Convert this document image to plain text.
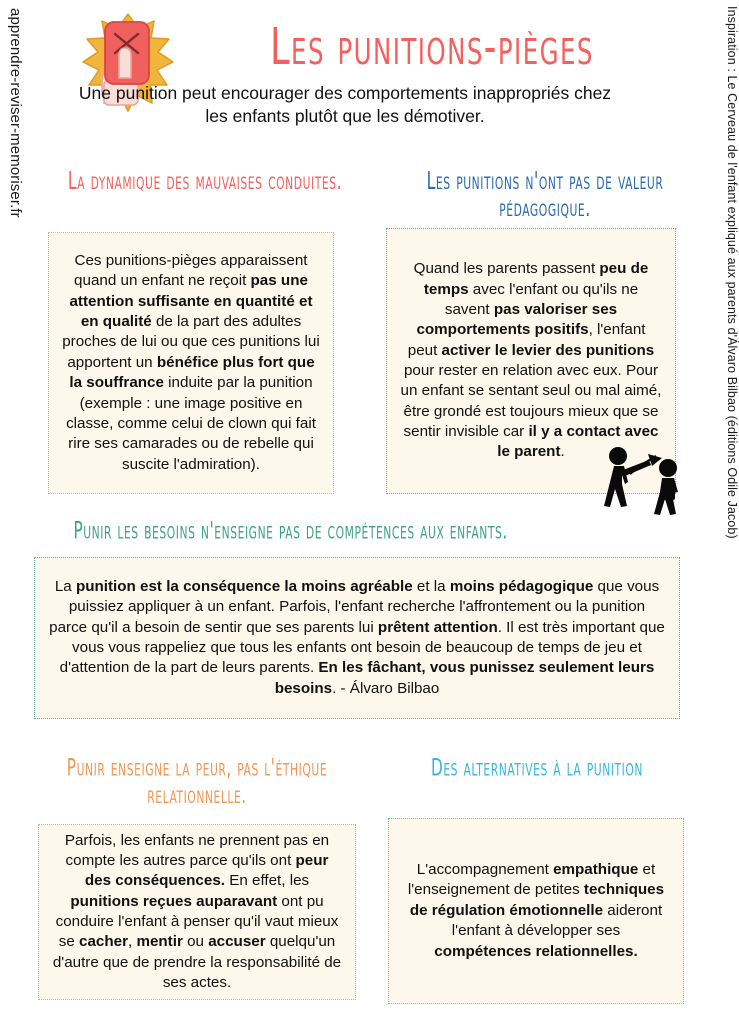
apprendre-reviser-memoriser.fr	Inspiration : Le Cerveau de l'enfant expliqué aux parents d'Álvaro Bilbao (éditions Odile Jacob)
Les punitions-pièges
Une punition peut encourager des comportements inappropriés chez les enfants plutôt que les démotiver.
La dynamique des mauvaises conduites.	Les punitions n'ont pas de valeur pédagogique.
Punir les besoins n'enseigne pas de compétences aux enfants.
Punir enseigne la peur, pas l'éthique relationnelle.
Des alternatives à la punition
Ces punitions-pièges apparaissent quand un enfant ne reçoit pas une attention suffisante en quantité et en qualité de la part des adultes proches de lui ou que ces punitions lui apportent un bénéfice plus fort que la souffrance induite par la punition (exemple : une image positive en classe, comme celui de clown qui fait rire ses camarades ou de rebelle qui suscite l'admiration).
Quand les parents passent peu de temps avec l'enfant ou qu'ils ne savent pas valoriser ses comportements positifs, l'enfant peut activer le levier des punitions pour rester en relation avec eux. Pour un enfant se sentant seul ou mal aimé, être grondé est toujours mieux que se sentir invisible car il y a contact avec le parent.
La punition est la conséquence la moins agréable et la moins pédagogique que vous puissiez appliquer à un enfant. Parfois, l'enfant recherche l'affrontement ou la punition parce qu'il a besoin de sentir que ses parents lui prêtent attention. Il est très important que vous vous rappeliez que tous les enfants ont besoin de beaucoup de temps de jeu et d'attention de la part de leurs parents. En les fâchant, vous punissez seulement leurs besoins. - Álvaro Bilbao
Parfois, les enfants ne prennent pas en compte les autres parce qu'ils ont peur des conséquences. En effet, les punitions reçues auparavant ont pu conduire l'enfant à penser qu'il vaut mieux se cacher, mentir ou accuser quelqu'un d'autre que de prendre la responsabilité de ses actes.
L'accompagnement empathique et l'enseignement de petites techniques de régulation émotionnelle aideront l'enfant à développer ses compétences relationnelles.
